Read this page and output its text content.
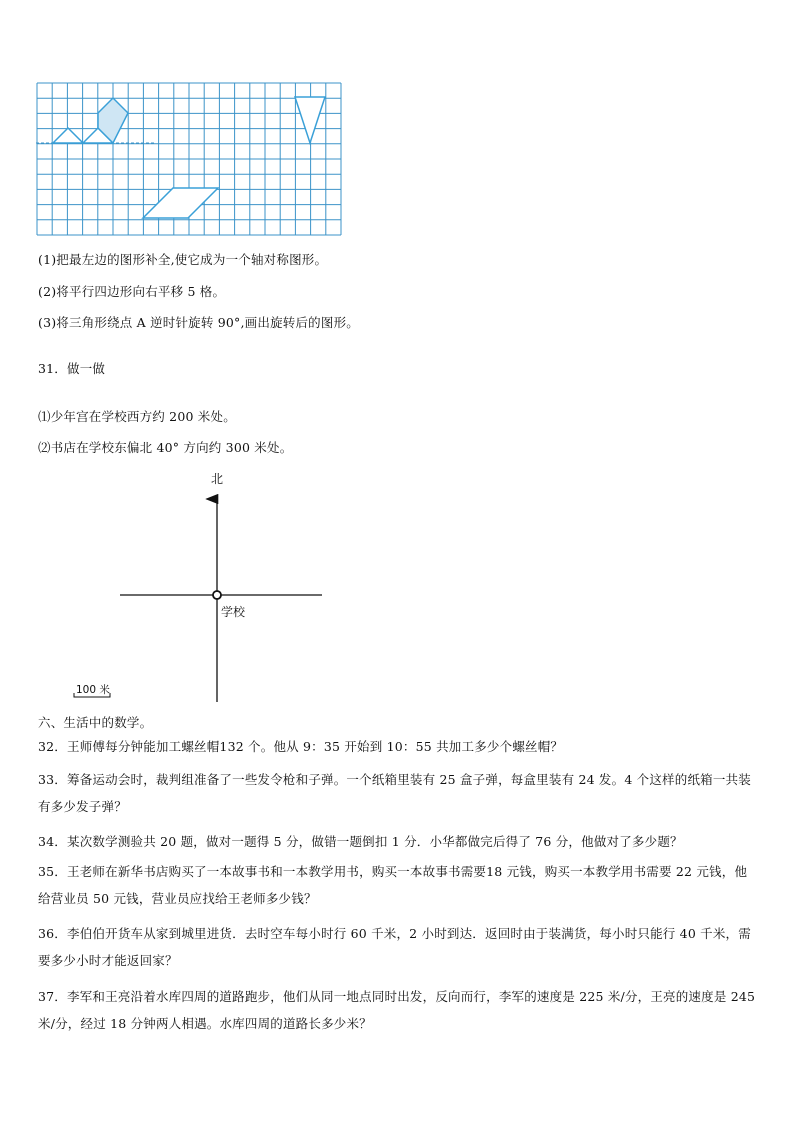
(1)把最左边的图形补全,使它成为一个轴对称图形。
(2)将平行四边形向右平移 5 格。
(3)将三角形绕点 A 逆时针旋转 90°,画出旋转后的图形。
31．做一做
⑴少年宫在学校西方约 200 米处。
⑵书店在学校东偏北 40° 方向约 300 米处。
北
学校
100 米
六、生活中的数学。
32．王师傅每分钟能加工螺丝帽132 个。他从 9：35 开始到 10：55 共加工多少个螺丝帽？
33．筹备运动会时，裁判组准备了一些发令枪和子弹。一个纸箱里装有 25 盒子弹，每盒里装有 24 发。4 个这样的纸箱一共装有多少发子弹？
34．某次数学测验共 20 题，做对一题得 5 分，做错一题倒扣 1 分．小华都做完后得了 76 分，他做对了多少题？
35．王老师在新华书店购买了一本故事书和一本教学用书，购买一本故事书需要18 元钱，购买一本教学用书需要 22 元钱，他给营业员 50 元钱，营业员应找给王老师多少钱？
36．李伯伯开货车从家到城里进货．去时空车每小时行 60 千米，2 小时到达．返回时由于装满货，每小时只能行 40 千米，需要多少小时才能返回家？
37．李军和王亮沿着水库四周的道路跑步，他们从同一地点同时出发，反向而行，李军的速度是 225 米/分，王亮的速度是 245 米/分，经过 18 分钟两人相遇。水库四周的道路长多少米？
